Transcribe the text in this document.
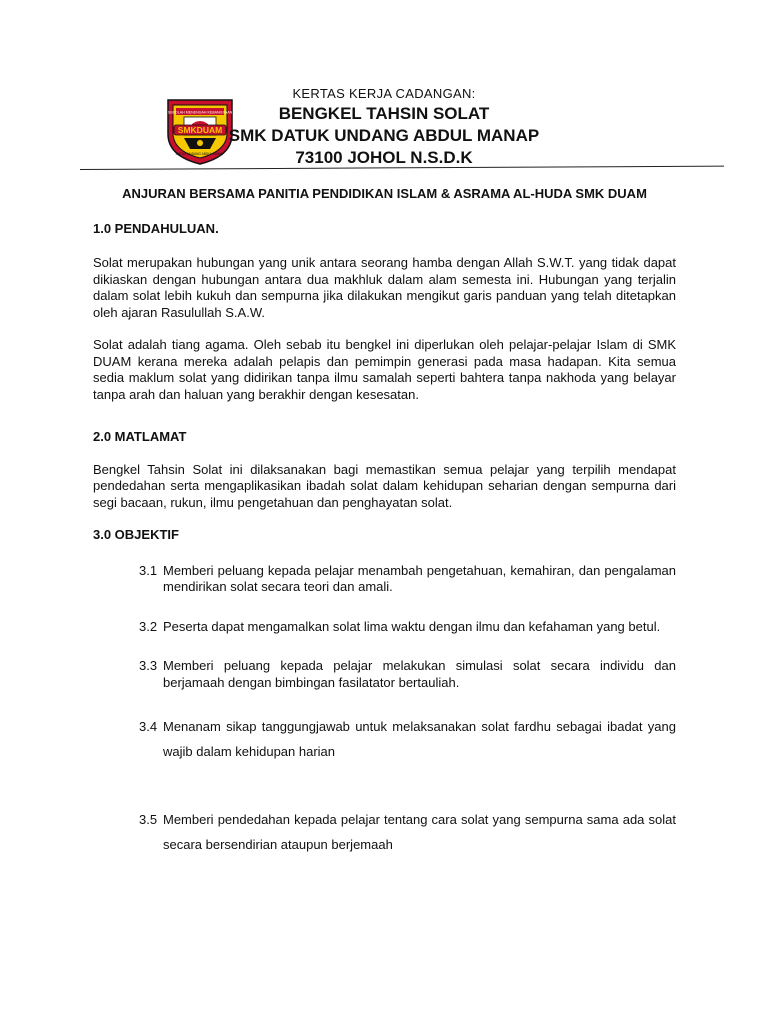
SEKOLAH MENENGAH KEBANGSAAN
SMKDUAM
DATUK UNDANG ABDUL MANAP
KERTAS KERJA CADANGAN:
BENGKEL TAHSIN SOLAT
SMK DATUK UNDANG ABDUL MANAP
73100 JOHOL N.S.D.K

ANJURAN BERSAMA PANITIA PENDIDIKAN ISLAM & ASRAMA AL-HUDA SMK DUAM

1.0 PENDAHULUAN.

Solat merupakan hubungan yang unik antara seorang hamba dengan Allah S.W.T. yang tidak dapat dikiaskan dengan hubungan antara dua makhluk dalam alam semesta ini. Hubungan yang terjalin dalam solat lebih kukuh dan sempurna jika dilakukan mengikut garis panduan yang telah ditetapkan oleh ajaran Rasulullah S.A.W.

Solat adalah tiang agama. Oleh sebab itu bengkel ini diperlukan oleh pelajar-pelajar Islam di SMK DUAM kerana mereka adalah pelapis dan pemimpin generasi pada masa hadapan. Kita semua sedia maklum solat yang didirikan tanpa ilmu samalah seperti bahtera tanpa nakhoda yang belayar tanpa arah dan haluan yang berakhir dengan kesesatan.

2.0 MATLAMAT

Bengkel Tahsin Solat ini dilaksanakan bagi memastikan semua pelajar yang terpilih mendapat pendedahan serta mengaplikasikan ibadah solat dalam kehidupan seharian dengan sempurna dari segi bacaan, rukun, ilmu pengetahuan dan penghayatan solat.

3.0 OBJEKTIF

3.1 Memberi peluang kepada pelajar menambah pengetahuan, kemahiran, dan pengalaman mendirikan solat secara teori dan amali.
3.2 Peserta dapat mengamalkan solat lima waktu dengan ilmu dan kefahaman yang betul.
3.3 Memberi peluang kepada pelajar melakukan simulasi solat secara individu dan berjamaah dengan bimbingan fasilatator bertauliah.
3.4 Menanam sikap tanggungjawab untuk melaksanakan solat fardhu sebagai ibadat yang wajib dalam kehidupan harian
3.5 Memberi pendedahan kepada pelajar tentang cara solat yang sempurna sama ada solat secara bersendirian ataupun berjemaah
